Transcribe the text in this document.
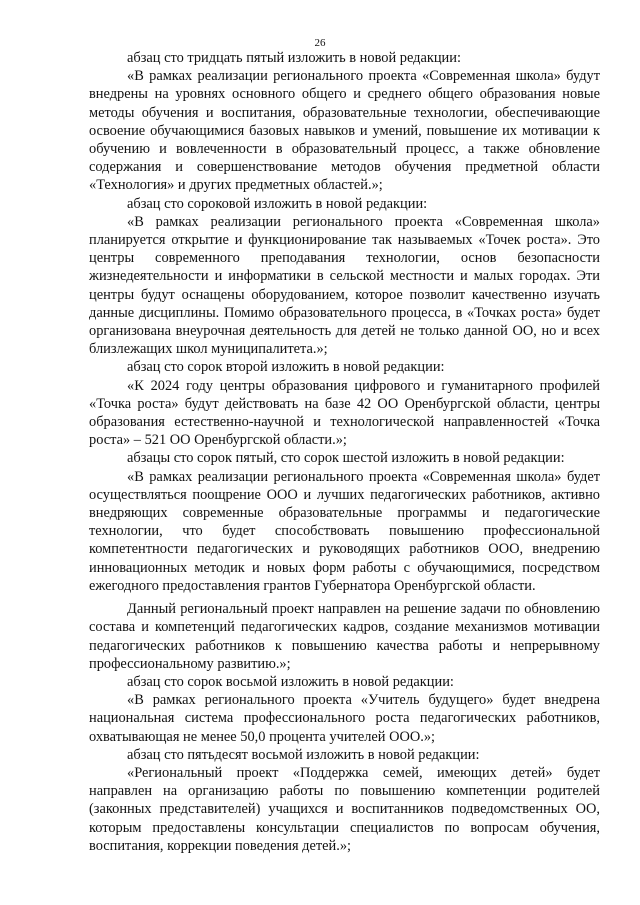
26

абзац сто тридцать пятый изложить в новой редакции:

«В рамках реализации регионального проекта «Современная школа» будут внедрены на уровнях основного общего и среднего общего образования новые методы обучения и воспитания, образовательные технологии, обеспечивающие освоение обучающимися базовых навыков и умений, повышение их мотивации к обучению и вовлеченности в образовательный процесс, а также обновление содержания и совершенствование методов обучения предметной области «Технология» и других предметных областей.»;

абзац сто сороковой изложить в новой редакции:

«В рамках реализации регионального проекта «Современная школа» планируется открытие и функционирование так называемых «Точек роста». Это центры современного преподавания технологии, основ безопасности жизнедеятельности и информатики в сельской местности и малых городах. Эти центры будут оснащены оборудованием, которое позволит качественно изучать данные дисциплины. Помимо образовательного процесса, в «Точках роста» будет организована внеурочная деятельность для детей не только данной ОО, но и всех близлежащих школ муниципалитета.»;

абзац сто сорок второй изложить в новой редакции:

«К 2024 году центры образования цифрового и гуманитарного профилей «Точка роста» будут действовать на базе 42 ОО Оренбургской области, центры образования естественно-научной и технологической направленностей «Точка роста» – 521 ОО Оренбургской области.»;

абзацы сто сорок пятый, сто сорок шестой изложить в новой редакции:

«В рамках реализации регионального проекта «Современная школа» будет осуществляться поощрение ООО и лучших педагогических работников, активно внедряющих современные образовательные программы и педагогические технологии, что будет способствовать повышению профессиональной компетентности педагогических и руководящих работников ООО, внедрению инновационных методик и новых форм работы с обучающимися, посредством ежегодного предоставления грантов Губернатора Оренбургской области.

Данный региональный проект направлен на решение задачи по обновлению состава и компетенций педагогических кадров, создание механизмов мотивации педагогических работников к повышению качества работы и непрерывному профессиональному развитию.»;

абзац сто сорок восьмой изложить в новой редакции:

«В рамках регионального проекта «Учитель будущего» будет внедрена национальная система профессионального роста педагогических работников, охватывающая не менее 50,0 процента учителей ООО.»;

абзац сто пятьдесят восьмой изложить в новой редакции:

«Региональный проект «Поддержка семей, имеющих детей» будет направлен на организацию работы по повышению компетенции родителей (законных представителей) учащихся и воспитанников подведомственных ОО, которым предоставлены консультации специалистов по вопросам обучения, воспитания, коррекции поведения детей.»;
